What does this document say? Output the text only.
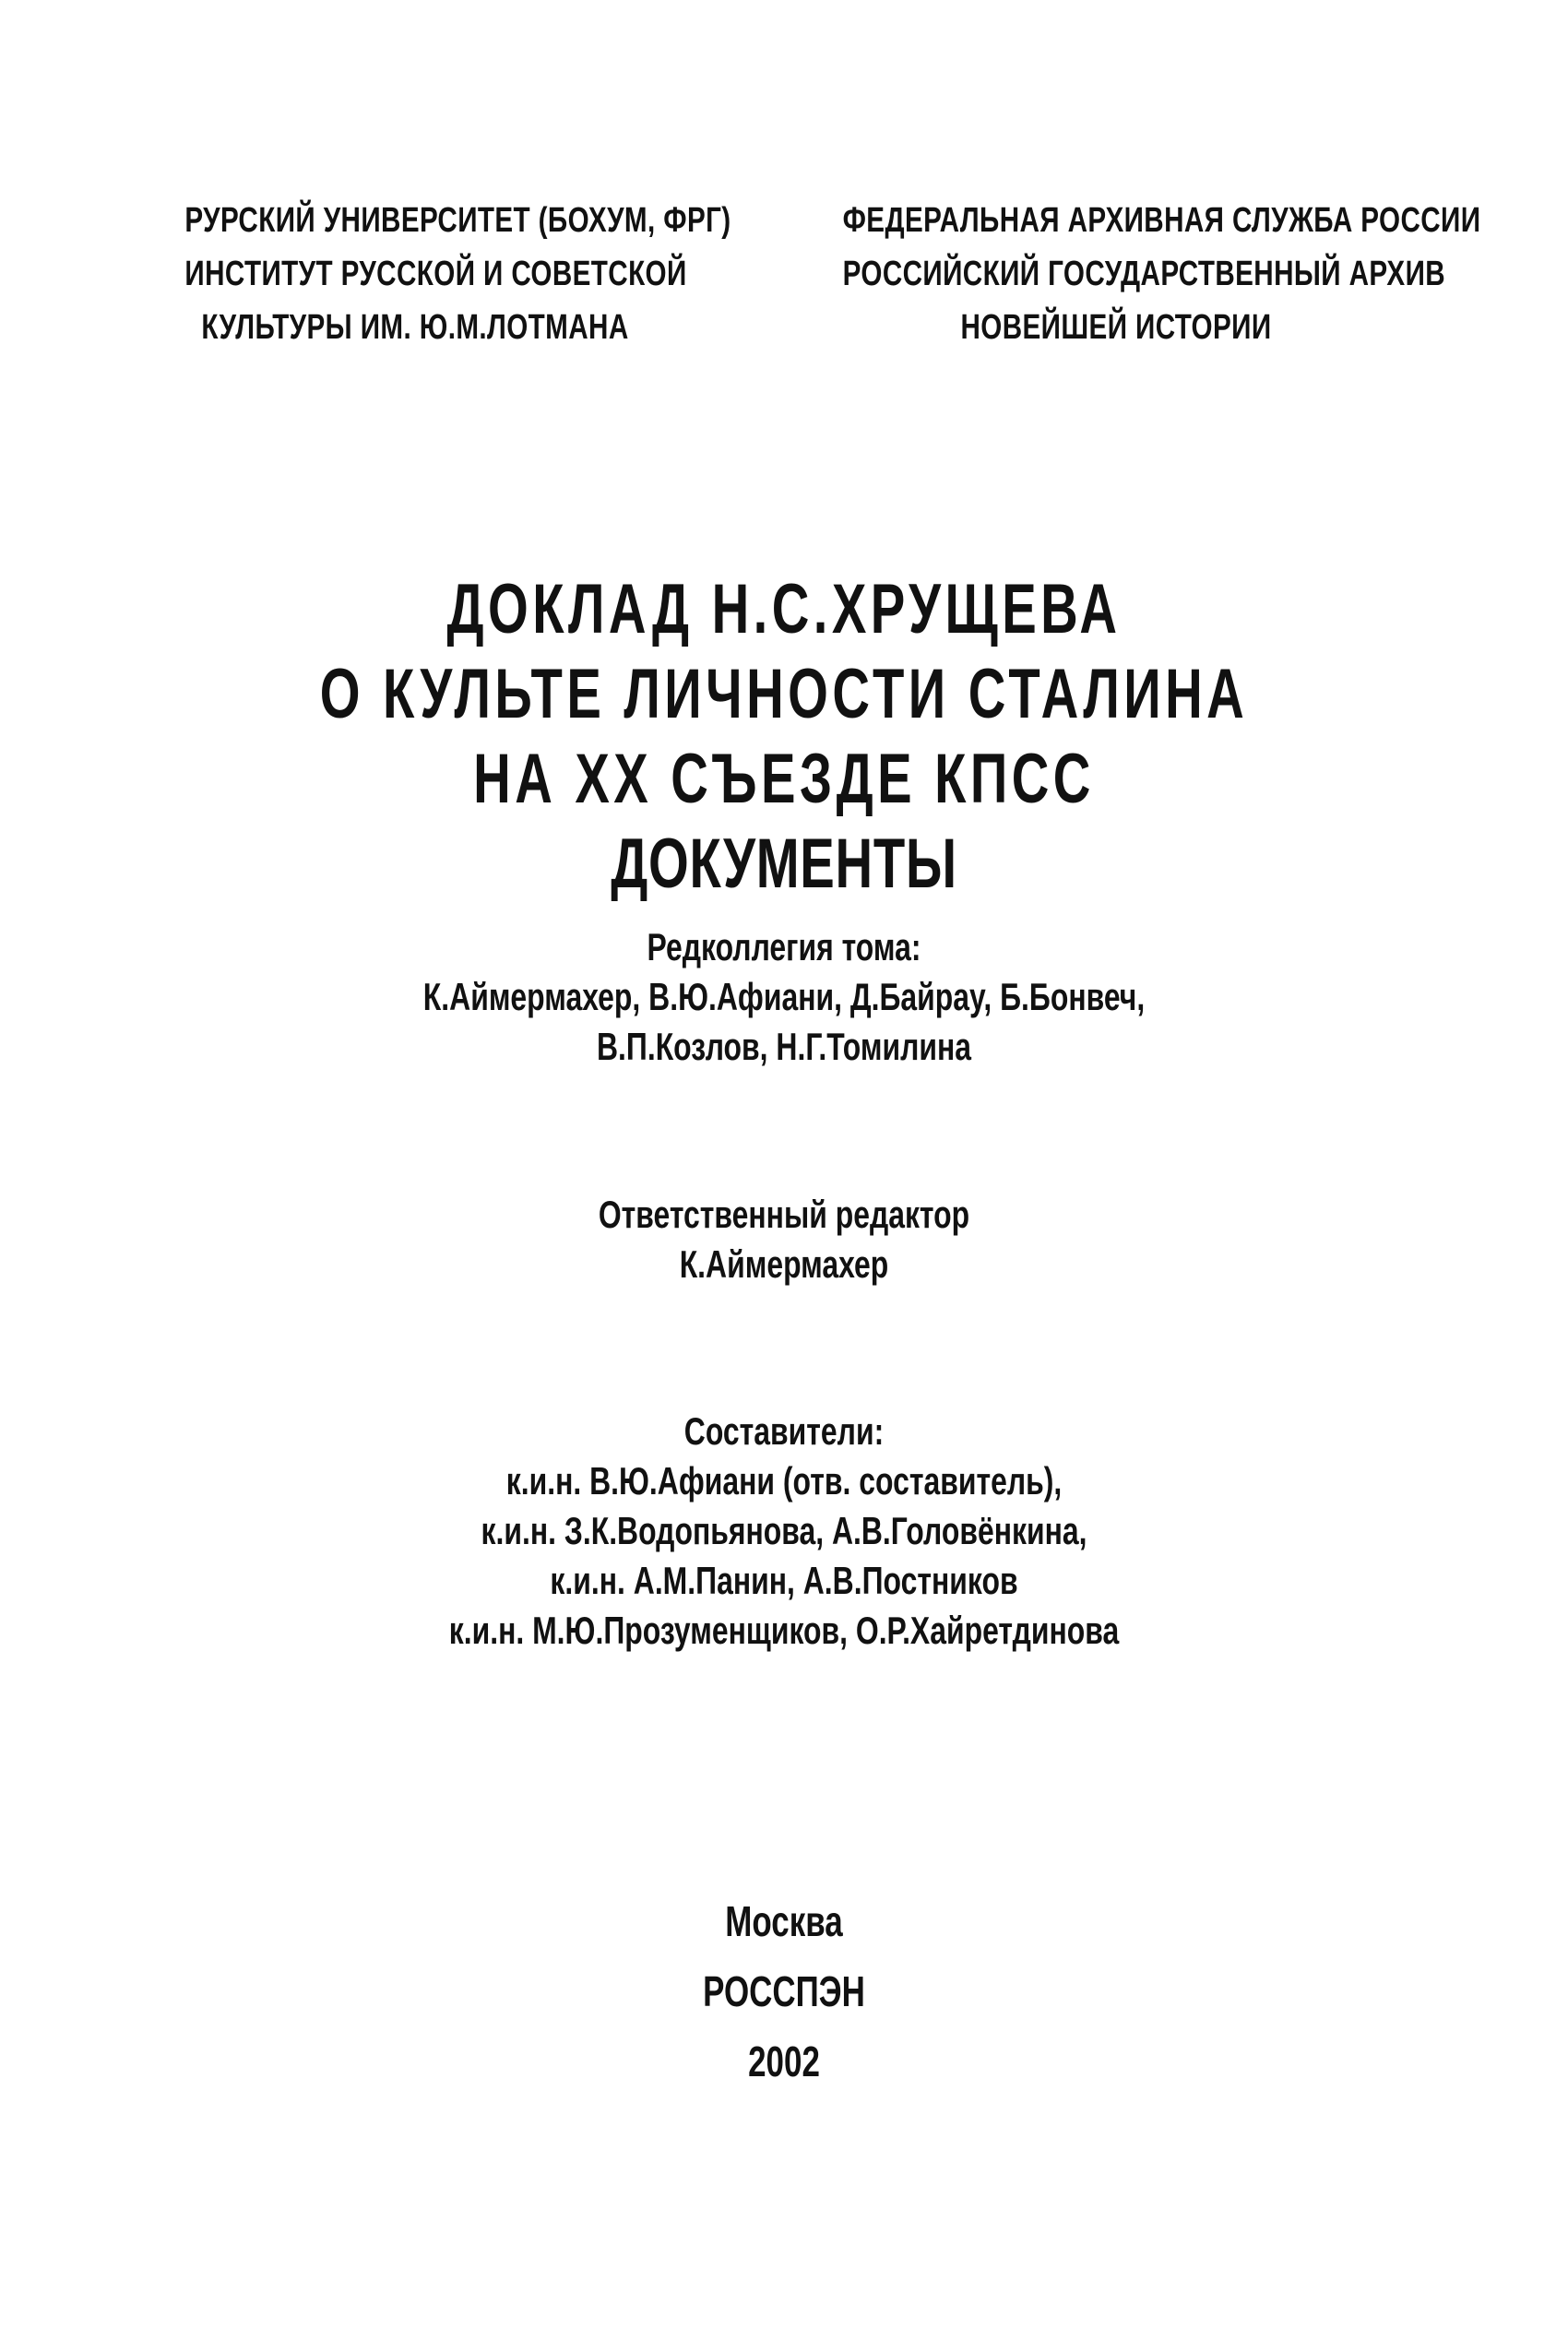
РУРСКИЙ УНИВЕРСИТЕТ (БОХУМ, ФРГ)
ИНСТИТУТ РУССКОЙ И СОВЕТСКОЙ
КУЛЬТУРЫ ИМ. Ю.М.ЛОТМАНА
ФЕДЕРАЛЬНАЯ АРХИВНАЯ СЛУЖБА РОССИИ
РОССИЙСКИЙ ГОСУДАРСТВЕННЫЙ АРХИВ
НОВЕЙШЕЙ ИСТОРИИ
ДОКЛАД Н.С.ХРУЩЕВА
О КУЛЬТЕ ЛИЧНОСТИ СТАЛИНА
НА XX СЪЕЗДЕ КПСС
ДОКУМЕНТЫ
Редколлегия тома:
К.Аймермахер, В.Ю.Афиани, Д.Байрау, Б.Бонвеч,
В.П.Козлов, Н.Г.Томилина
Ответственный редактор
К.Аймермахер
Составители:
к.и.н. В.Ю.Афиани (отв. составитель),
к.и.н. З.К.Водопьянова, А.В.Головёнкина,
к.и.н. А.М.Панин, А.В.Постников
к.и.н. М.Ю.Прозуменщиков, О.Р.Хайретдинова
Москва
РОССПЭН
2002
